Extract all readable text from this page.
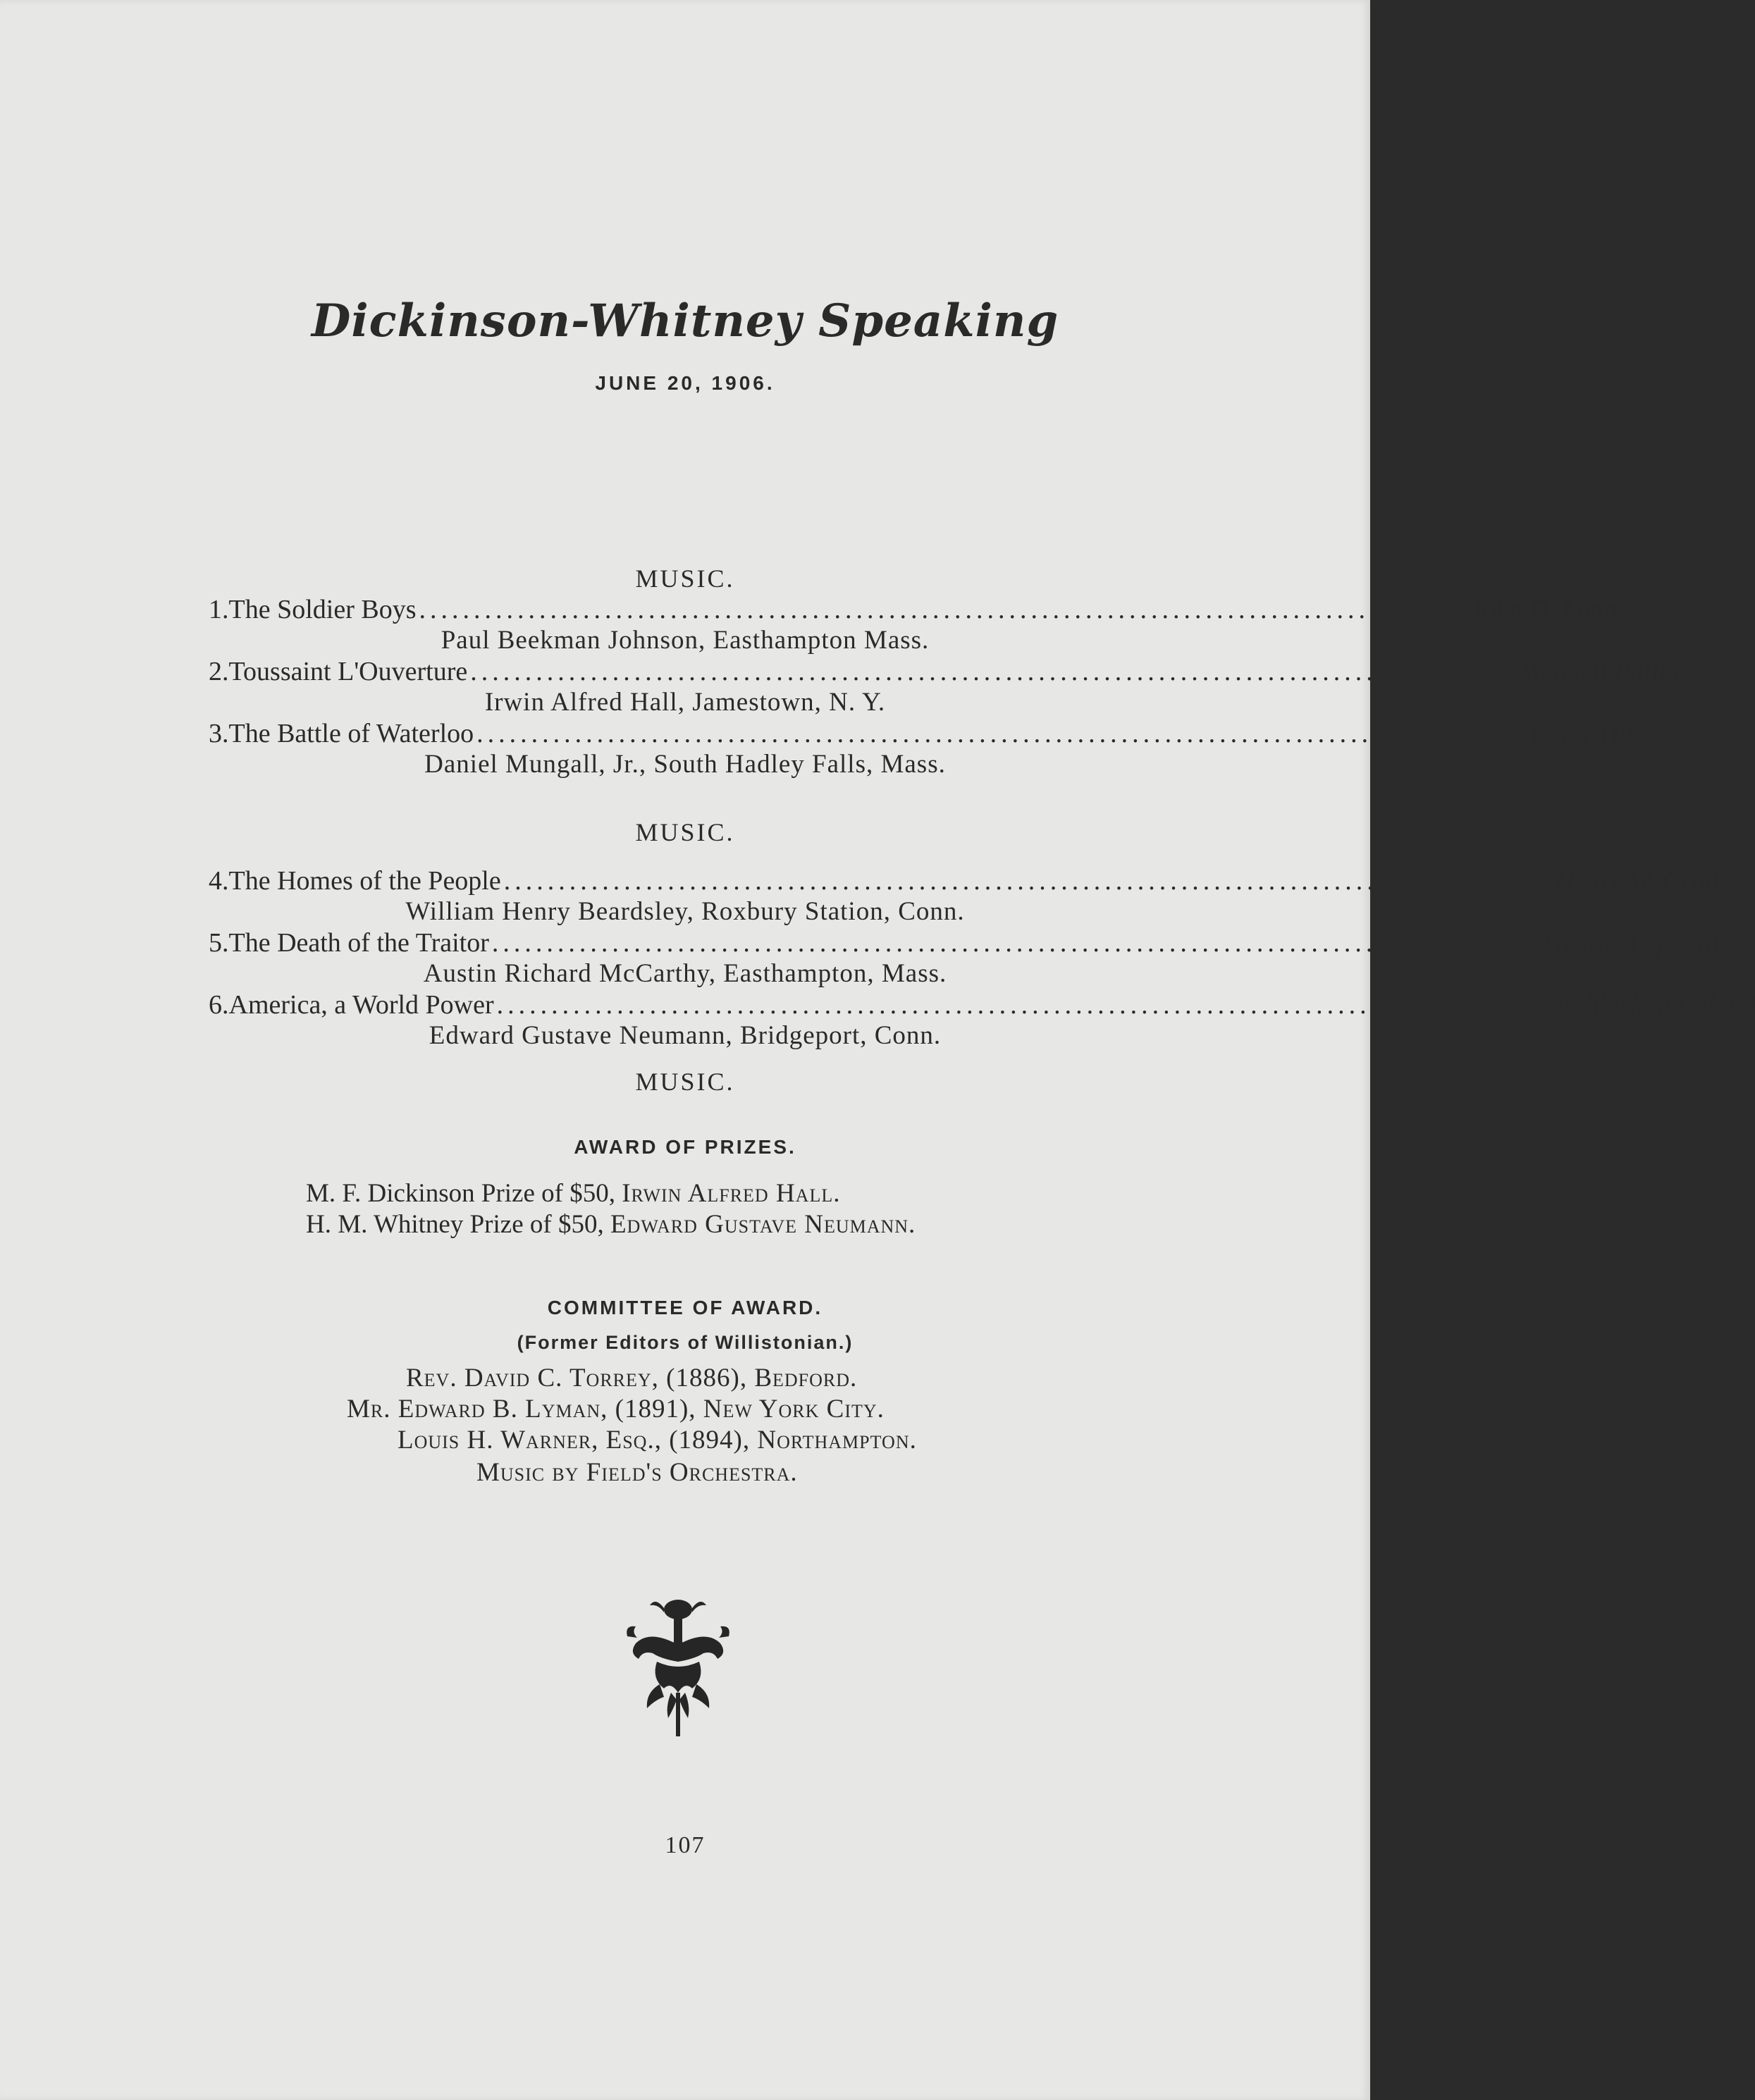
Dickinson-Whitney Speaking
JUNE 20, 1906.
MUSIC.
1. The Soldier Boys ................................................................................................ John D. Long
Paul Beekman Johnson, Easthampton Mass.
2. Toussaint L'Ouverture ................................................................................................ Wendell Phillips
Irwin Alfred Hall, Jamestown, N. Y.
3. The Battle of Waterloo ................................................................................................ Victor Hugo
Daniel Mungall, Jr., South Hadley Falls, Mass.
MUSIC.
4. The Homes of the People ................................................................................................ Henry W. Grady
William Henry Beardsley, Roxbury Station, Conn.
5. The Death of the Traitor ................................................................................................ George Leppard
Austin Richard McCarthy, Easthampton, Mass.
6. America, a World Power ................................................................................................ Archbishop Ireland
Edward Gustave Neumann, Bridgeport, Conn.
MUSIC.
AWARD OF PRIZES.
M. F. Dickinson Prize of $50, Irwin Alfred Hall.
H. M. Whitney Prize of $50, Edward Gustave Neumann.
COMMITTEE OF AWARD.
(Former Editors of Willistonian.)
Rev. David C. Torrey, (1886), Bedford.
Mr. Edward B. Lyman, (1891), New York City.
Louis H. Warner, Esq., (1894), Northampton.
Music by Field's Orchestra.
107
